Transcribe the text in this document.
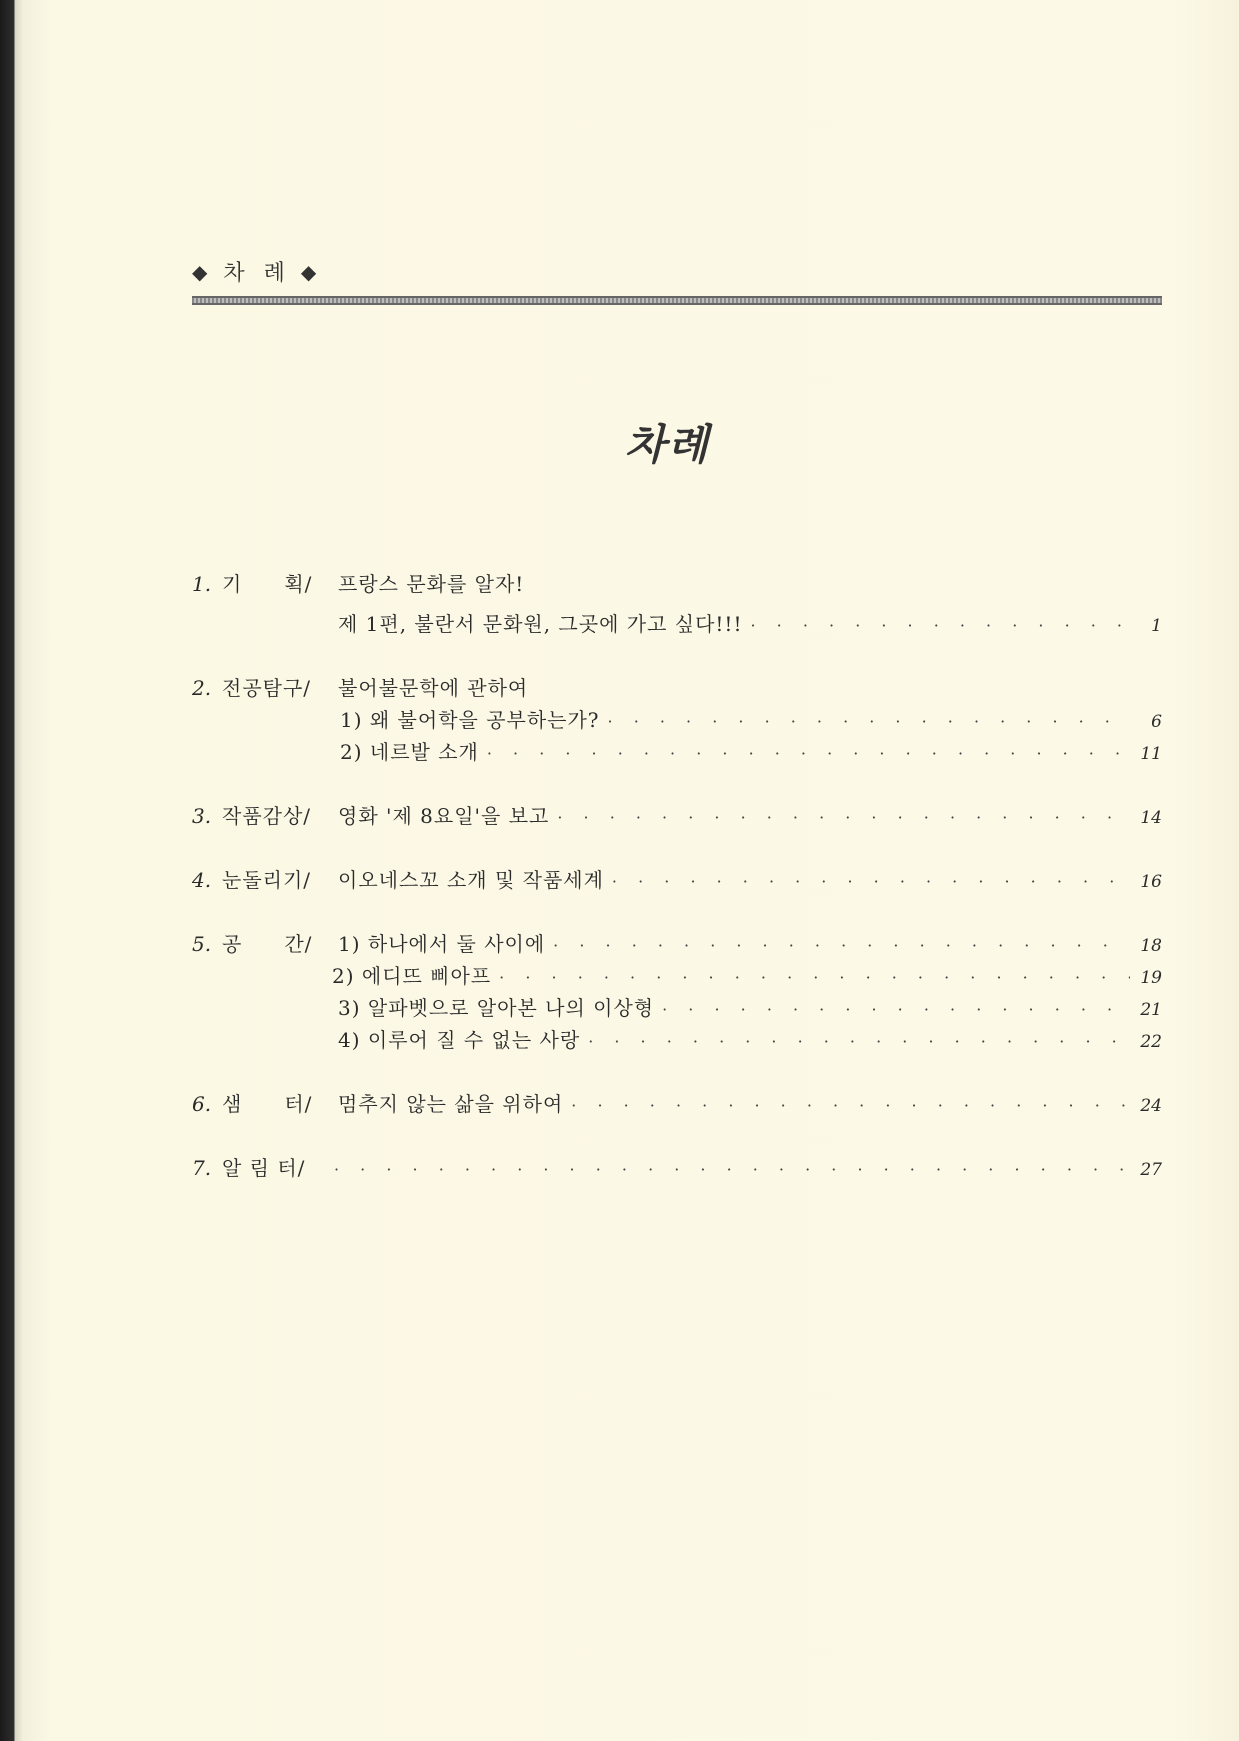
◆ 차 례 ◆
차례
1. 기　　획/	프랑스 문화를 알자!
제 1편, 불란서 문화원, 그곳에 가고 싶다!!! · · ·	1
2. 전공탐구/	불어불문학에 관하여
1) 왜 불어학을 공부하는가? · · ·	6
2) 네르발 소개 · · ·	11
3. 작품감상/	영화 '제 8요일'을 보고 · · ·	14
4. 눈돌리기/	이오네스꼬 소개 및 작품세계 · · ·	16
5. 공　　간/	1) 하나에서 둘 사이에 · · ·	18
2) 에디뜨 삐아프 · · ·	19
3) 알파벳으로 알아본 나의 이상형 · · ·	21
4) 이루어 질 수 없는 사랑 · · ·	22
6. 샘　　터/	멈추지 않는 삶을 위하여 · · ·	24
7. 알 림 터/ · · ·	27
